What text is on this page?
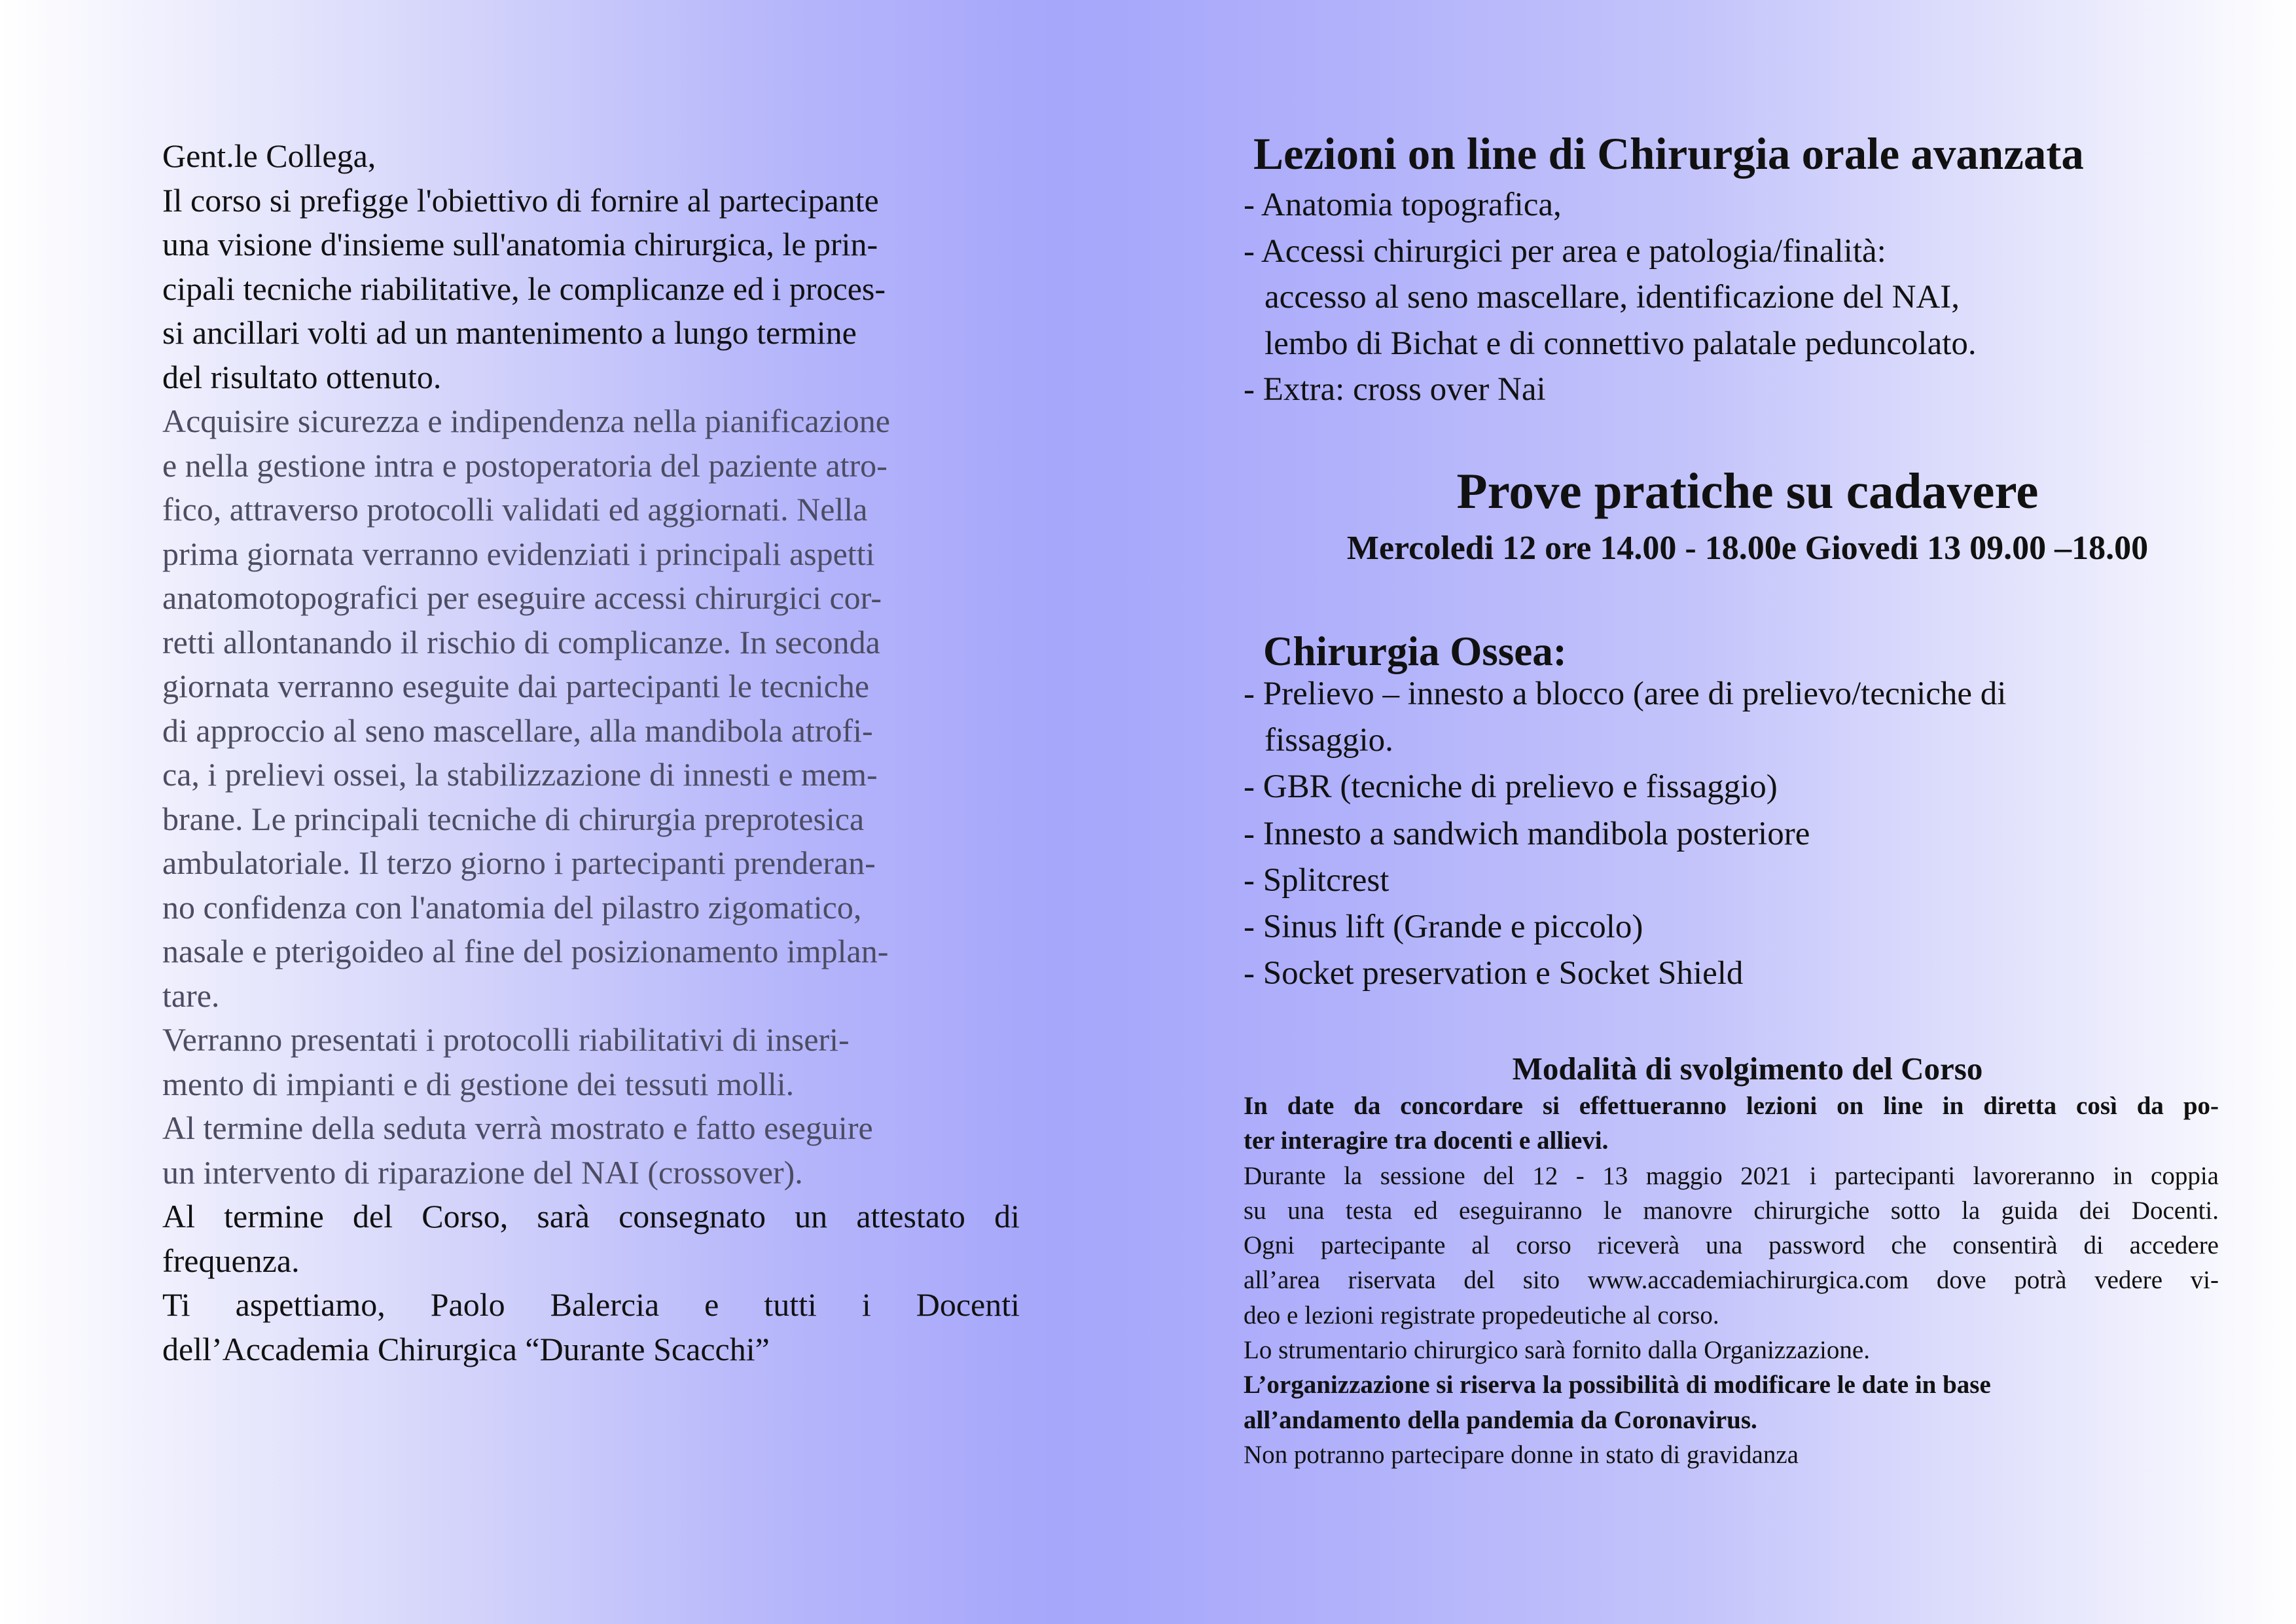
Gent.le Collega,

Il corso si prefigge l'obiettivo di fornire al partecipante

una visione d'insieme sull'anatomia chirurgica, le prin-

cipali tecniche riabilitative, le complicanze ed i proces-

si ancillari volti ad un mantenimento a lungo termine

del risultato ottenuto.

Acquisire sicurezza e indipendenza nella pianificazione

e nella gestione intra e postoperatoria del paziente atro-

fico, attraverso protocolli validati ed aggiornati. Nella

prima giornata verranno evidenziati i principali aspetti

anatomotopografici per eseguire accessi chirurgici cor-

retti allontanando il rischio di complicanze. In seconda

giornata verranno eseguite dai partecipanti le tecniche

di approccio al seno mascellare, alla mandibola atrofi-

ca, i prelievi ossei, la stabilizzazione di innesti e mem-

brane. Le principali tecniche di chirurgia preprotesica

ambulatoriale. Il terzo giorno i partecipanti prenderan-

no confidenza con l'anatomia del pilastro zigomatico,

nasale e pterigoideo al fine del posizionamento implan-

tare.

Verranno presentati i protocolli riabilitativi di inseri-

mento di impianti e di gestione dei tessuti molli.

Al termine della seduta verrà mostrato e fatto eseguire

un intervento di riparazione del NAI (crossover).

Al termine del Corso, sarà consegnato un attestato di

frequenza.

Ti aspettiamo, Paolo Balercia e tutti i Docenti

dell’Accademia Chirurgica “Durante Scacchi”

Lezioni on line di Chirurgia orale avanzata
- Anatomia topografica,
- Accessi chirurgici per area e patologia/finalità:
accesso al seno mascellare, identificazione del NAI,
lembo di Bichat e di connettivo palatale peduncolato.
- Extra: cross over Nai
Prove pratiche su cadavere
Mercoledi 12 ore 14.00 - 18.00e Giovedi 13 09.00 –18.00
Chirurgia Ossea:
- Prelievo – innesto a blocco (aree di prelievo/tecniche di
fissaggio.
- GBR (tecniche di prelievo e fissaggio)
- Innesto a sandwich mandibola posteriore
- Splitcrest
- Sinus lift (Grande e piccolo)
- Socket preservation e Socket Shield
Modalità di svolgimento del Corso

In date da concordare si effettueranno lezioni on line in diretta così da po-

ter interagire tra docenti e allievi.

Durante la sessione del 12 - 13 maggio 2021 i partecipanti lavoreranno in coppia

su una testa ed eseguiranno le manovre chirurgiche sotto la guida dei Docenti.

Ogni partecipante al corso riceverà una password che consentirà di accedere

all’area riservata del sito www.accademiachirurgica.com dove potrà vedere vi-

deo e lezioni registrate propedeutiche al corso.

Lo strumentario chirurgico sarà fornito dalla Organizzazione.

L’organizzazione si riserva la possibilità di modificare le date in base

all’andamento della pandemia da Coronavirus.

Non potranno partecipare donne in stato di gravidanza
